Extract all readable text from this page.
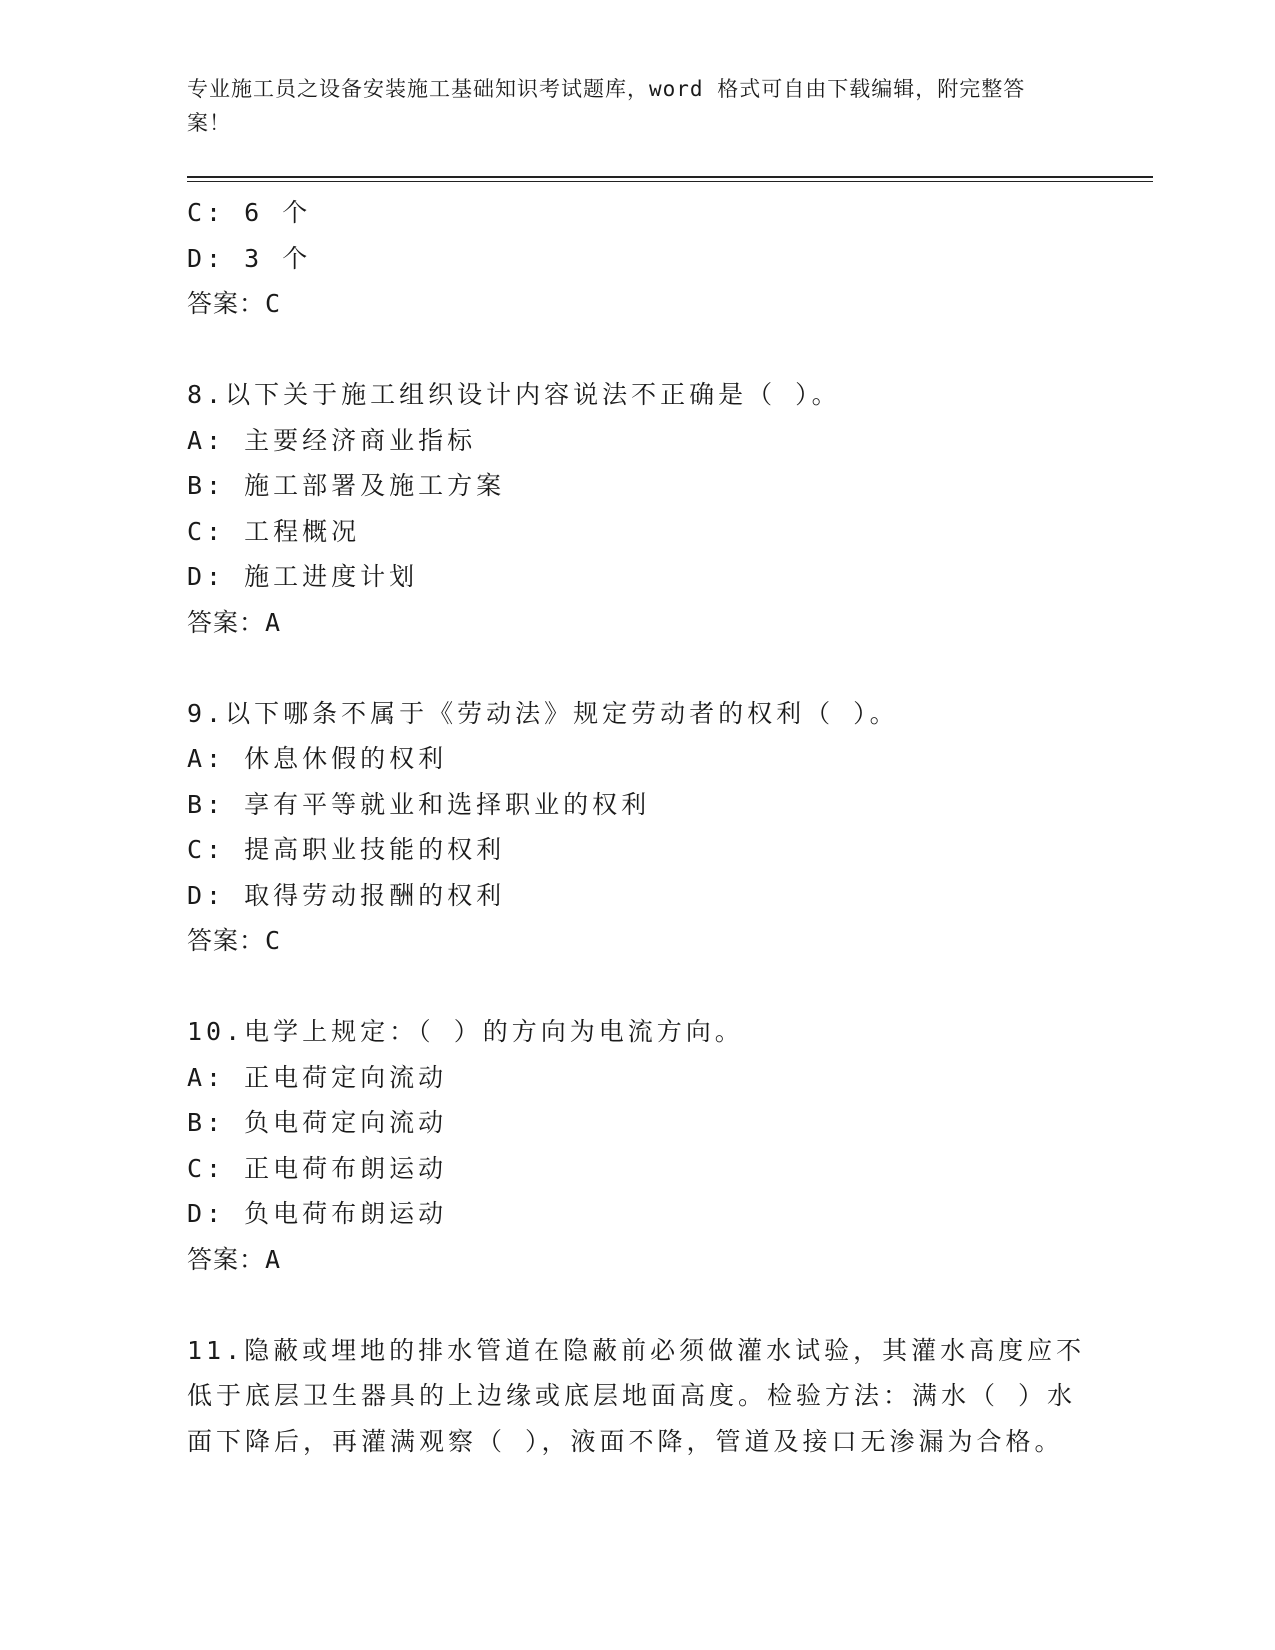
专业施工员之设备安装施工基础知识考试题库，word 格式可自由下载编辑，附完整答案！
C: 6 个
D: 3 个
答案：C
8.以下关于施工组织设计内容说法不正确是（ ）。
A: 主要经济商业指标
B: 施工部署及施工方案
C: 工程概况
D: 施工进度计划
答案：A
9.以下哪条不属于《劳动法》规定劳动者的权利（ ）。
A: 休息休假的权利
B: 享有平等就业和选择职业的权利
C: 提高职业技能的权利
D: 取得劳动报酬的权利
答案：C
10.电学上规定：（ ）的方向为电流方向。
A: 正电荷定向流动
B: 负电荷定向流动
C: 正电荷布朗运动
D: 负电荷布朗运动
答案：A
11.隐蔽或埋地的排水管道在隐蔽前必须做灌水试验，其灌水高度应不低于底层卫生器具的上边缘或底层地面高度。检验方法：满水（ ）水面下降后，再灌满观察（ ），液面不降，管道及接口无渗漏为合格。
